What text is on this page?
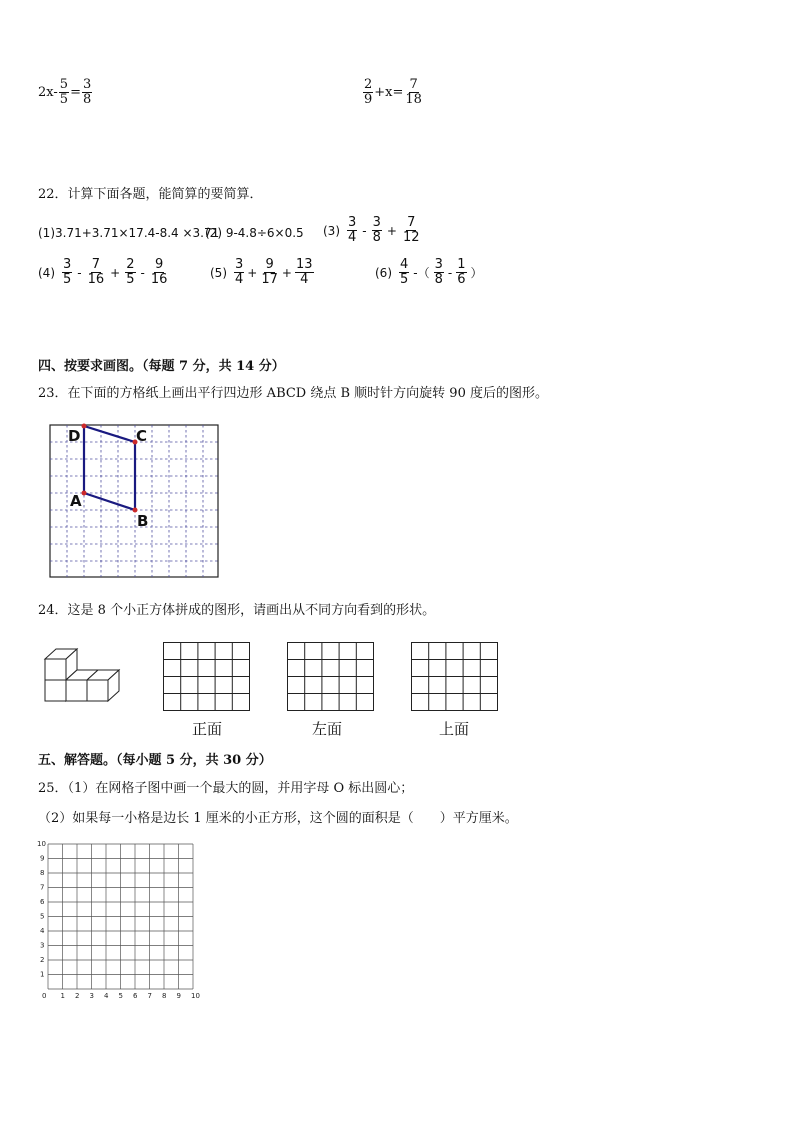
$2x- \frac{5}{5} = \frac{3}{8}$	$\frac{2}{9} +x= \frac{7}{18}$
22．计算下面各题，能简算的要简算．
(1)3.71+3.71×17.4-8.4 ×3.71
(2) 9-4.8÷6×0.5 $(3) \frac{3}{4} - \frac{3}{8} + \frac{7}{12}$
$(4) \frac{3}{5} - \frac{7}{16} + \frac{2}{5} - \frac{9}{16}$	$(5) \frac{3}{4} + \frac{9}{17} + \frac{13}{4}$	$(6) \frac{4}{5}$ -（ $\frac{3}{8} - \frac{1}{6}$ ）
四、按要求画图。（每题 7 分，共 14 分）
23．在下面的方格纸上画出平行四边形 ABCD 绕点 B 顺时针方向旋转 90 度后的图形。
D	C
A
B
24．这是 8 个小正方体拼成的图形，请画出从不同方向看到的形状。
正面	左面	上面
五、解答题。（每小题 5 分，共 30 分）
25．（1）在网格子图中画一个最大的圆，并用字母 O 标出圆心；
（2）如果每一小格是边长 1 厘米的小正方形，这个圆的面积是（　　）平方厘米。
0 1 2 3 4 5 6 7 8 9 10
10
9
8
7
6
5
4
3
2
1
